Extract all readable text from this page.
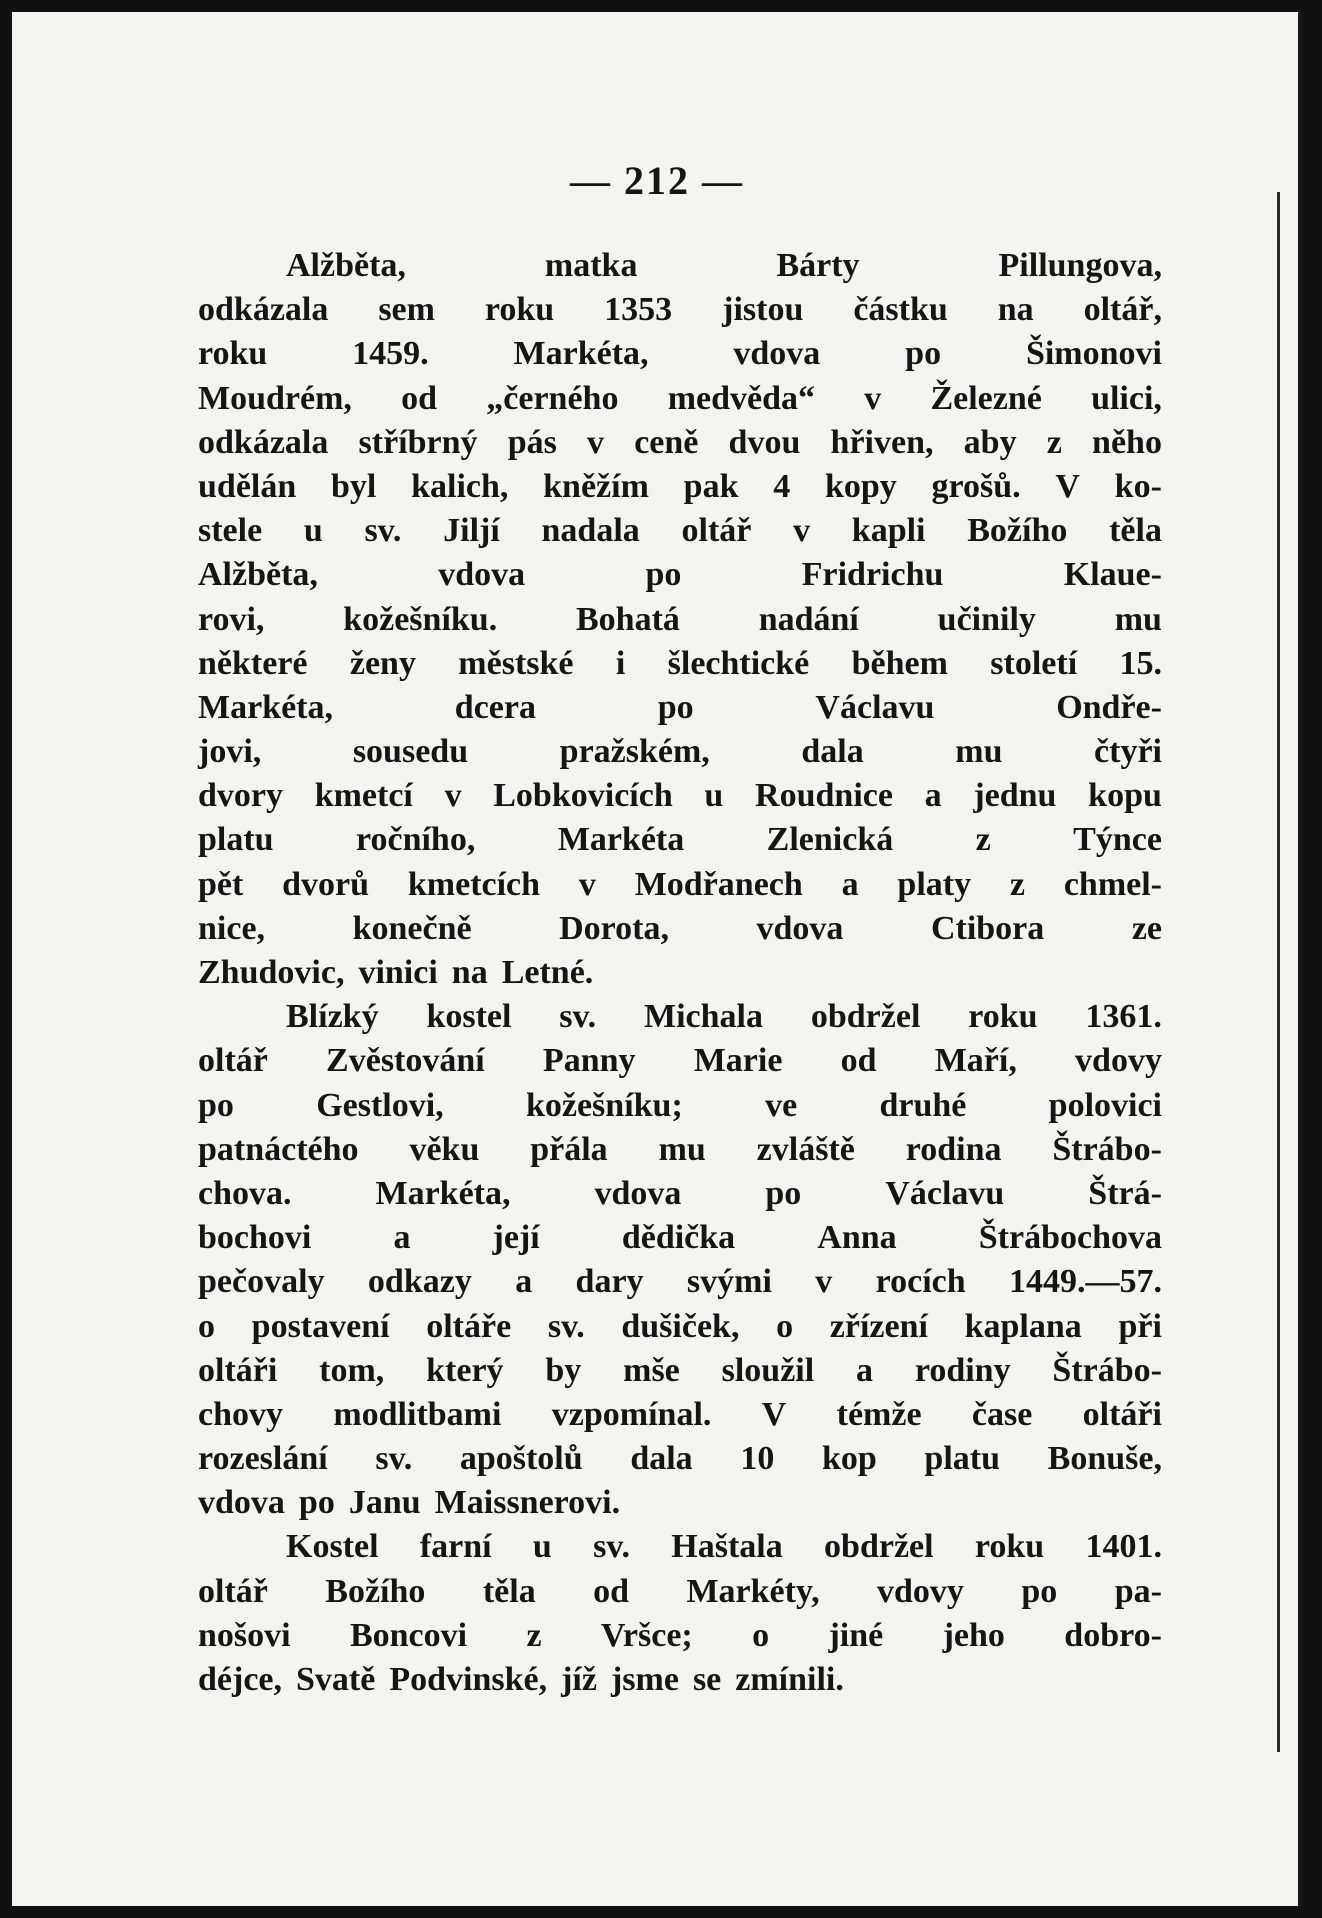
— 212 —
Alžběta,	matka	Bárty	Pillungova,
odkázala sem roku 1353 jistou částku na oltář,
roku 1459. Markéta, vdova po Šimonovi
Moudrém, od „černého medvěda“ v Železné ulici,
odkázala stříbrný pás v ceně dvou hřiven, aby z něho
udělán byl kalich, kněžím pak 4 kopy grošů. V ko-
stele u sv. Jiljí nadala oltář v kapli Božího těla
Alžběta,	vdova	po	Fridrichu	Klaue-
rovi, kožešníku. Bohatá nadání učinily mu
některé ženy městské i šlechtické během století 15.
Markéta,	dcera	po	Václavu	Ondře-
jovi,	sousedu	pražském,	dala	mu	čtyři
dvory kmetcí v Lobkovicích u Roudnice a jednu kopu
platu ročního, Markéta Zlenická z Týnce
pět dvorů kmetcích v Modřanech a platy z chmel-
nice,	konečně	Dorota,	vdova	Ctibora	ze
Zhudovic, vinici na Letné.
Blízký kostel sv. Michala obdržel roku 1361.
oltář Zvěstování Panny Marie od Maří, vdovy
po Gestlovi, kožešníku; ve druhé polovici
patnáctého věku přála mu zvláště rodina Štrábo-
chova. Markéta, vdova po Václavu Štrá-
bochovi a její dědička Anna Štrábochova
pečovaly odkazy a dary svými v rocích 1449.—57.
o postavení oltáře sv. dušiček, o zřízení kaplana při
oltáři tom, který by mše sloužil a rodiny Štrábo-
chovy modlitbami vzpomínal. V témže čase oltáři
rozeslání sv. apoštolů dala 10 kop platu Bonuše,
vdova po Janu Maissnerovi.
Kostel farní u sv. Haštala obdržel roku 1401.
oltář Božího těla od Markéty, vdovy po pa-
nošovi Boncovi z Vršce; o jiné jeho dobro-
déjce, Svatě Podvinské, jíž jsme se zmínili.
